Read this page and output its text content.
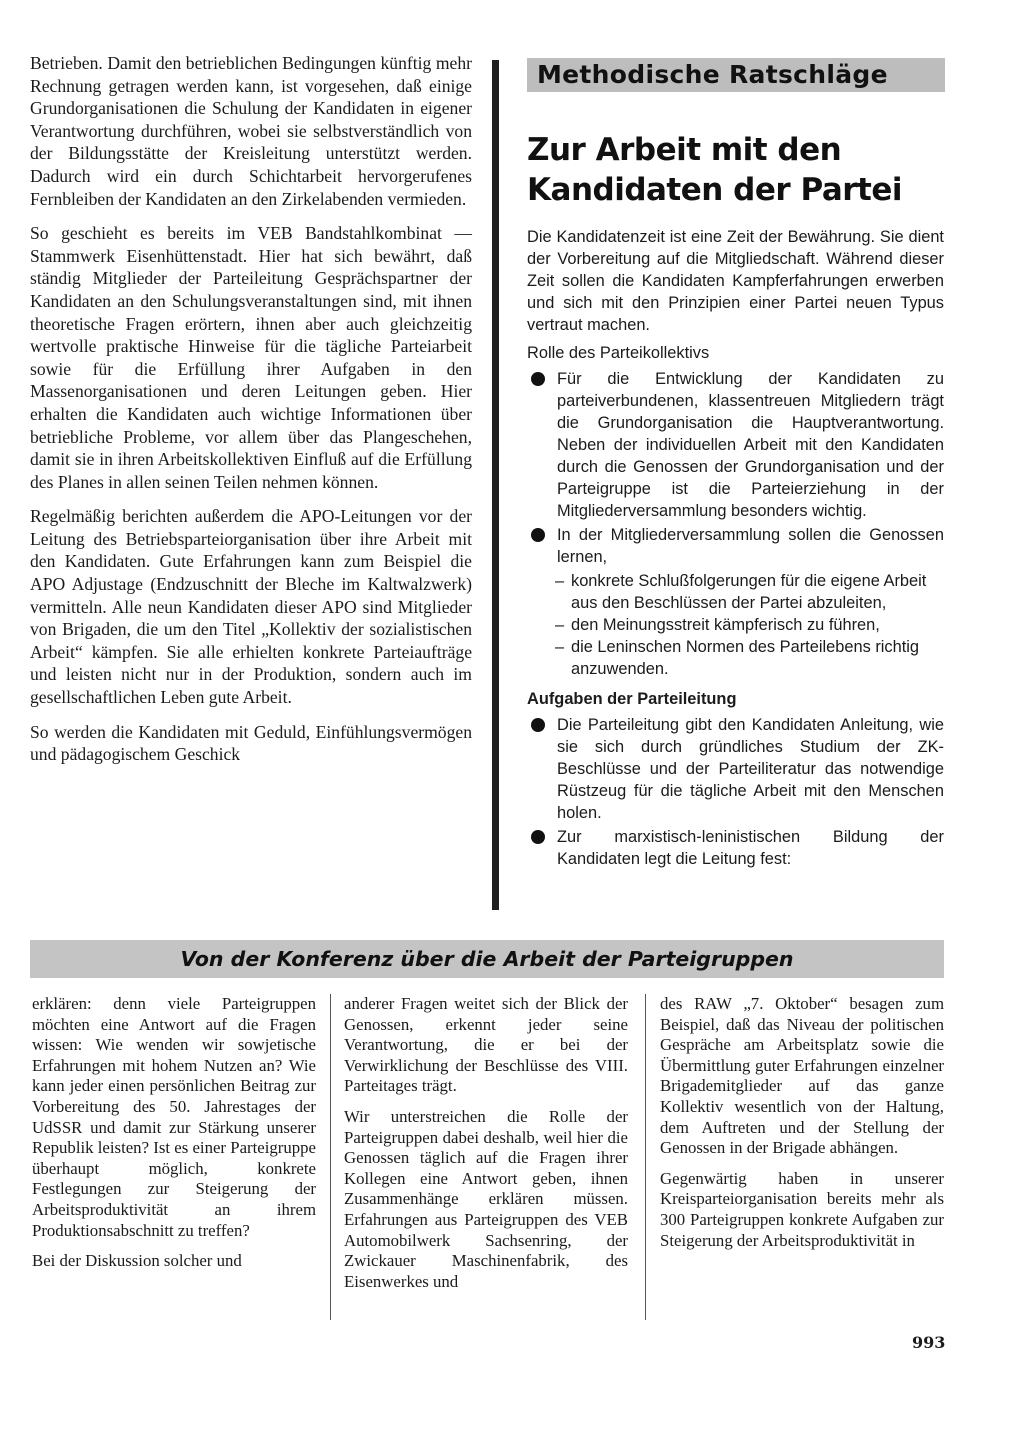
Betrieben. Damit den betrieblichen Bedingungen künftig mehr Rechnung getragen werden kann, ist vorgesehen, daß einige Grundorganisationen die Schulung der Kandidaten in eigener Verantwortung durchführen, wobei sie selbstverständlich von der Bildungsstätte der Kreisleitung unterstützt werden. Dadurch wird ein durch Schichtarbeit hervorgerufenes Fernbleiben der Kandidaten an den Zirkelabenden vermieden.

So geschieht es bereits im VEB Bandstahlkombinat — Stammwerk Eisenhüttenstadt. Hier hat sich bewährt, daß ständig Mitglieder der Parteileitung Gesprächspartner der Kandidaten an den Schulungsveranstaltungen sind, mit ihnen theoretische Fragen erörtern, ihnen aber auch gleichzeitig wertvolle praktische Hinweise für die tägliche Parteiarbeit sowie für die Erfüllung ihrer Aufgaben in den Massenorganisationen und deren Leitungen geben. Hier erhalten die Kandidaten auch wichtige Informationen über betriebliche Probleme, vor allem über das Plangeschehen, damit sie in ihren Arbeitskollektiven Einfluß auf die Erfüllung des Planes in allen seinen Teilen nehmen können.

Regelmäßig berichten außerdem die APO-Leitungen vor der Leitung des Betriebsparteiorganisation über ihre Arbeit mit den Kandidaten. Gute Erfahrungen kann zum Beispiel die APO Adjustage (Endzuschnitt der Bleche im Kaltwalzwerk) vermitteln. Alle neun Kandidaten dieser APO sind Mitglieder von Brigaden, die um den Titel „Kollektiv der sozialistischen Arbeit“ kämpfen. Sie alle erhielten konkrete Parteiaufträge und leisten nicht nur in der Produktion, sondern auch im gesellschaftlichen Leben gute Arbeit.

So werden die Kandidaten mit Geduld, Einfühlungsvermögen und pädagogischem Geschick

Methodische Ratschläge
Zur Arbeit mit den Kandidaten der Partei

Die Kandidatenzeit ist eine Zeit der Bewährung. Sie dient der Vorbereitung auf die Mitgliedschaft. Während dieser Zeit sollen die Kandidaten Kampferfahrungen erwerben und sich mit den Prinzipien einer Partei neuen Typus vertraut machen.

Rolle des Parteikollektivs
Für die Entwicklung der Kandidaten zu parteiverbundenen, klassentreuen Mitgliedern trägt die Grundorganisation die Hauptverantwortung. Neben der individuellen Arbeit mit den Kandidaten durch die Genossen der Grundorganisation und der Parteigruppe ist die Parteierziehung in der Mitgliederversammlung besonders wichtig.
In der Mitgliederversammlung sollen die Genossen lernen,
– konkrete Schlußfolgerungen für die eigene Arbeit aus den Beschlüssen der Partei abzuleiten,
– den Meinungsstreit kämpferisch zu führen,
– die Leninschen Normen des Parteilebens richtig anzuwenden.
Aufgaben der Parteileitung
Die Parteileitung gibt den Kandidaten Anleitung, wie sie sich durch gründliches Studium der ZK-Beschlüsse und der Parteiliteratur das notwendige Rüstzeug für die tägliche Arbeit mit den Menschen holen.
Zur marxistisch-leninistischen Bildung der Kandidaten legt die Leitung fest:
Von der Konferenz über die Arbeit der Parteigruppen

erklären: denn viele Parteigruppen möchten eine Antwort auf die Fragen wissen: Wie wenden wir sowjetische Erfahrungen mit hohem Nutzen an? Wie kann jeder einen persönlichen Beitrag zur Vorbereitung des 50. Jahrestages der UdSSR und damit zur Stärkung unserer Republik leisten? Ist es einer Parteigruppe überhaupt möglich, konkrete Festlegungen zur Steigerung der Arbeitsproduktivität an ihrem Produktionsabschnitt zu treffen?

Bei der Diskussion solcher und

anderer Fragen weitet sich der Blick der Genossen, erkennt jeder seine Verantwortung, die er bei der Verwirklichung der Beschlüsse des VIII. Parteitages trägt.

Wir unterstreichen die Rolle der Parteigruppen dabei deshalb, weil hier die Genossen täglich auf die Fragen ihrer Kollegen eine Antwort geben, ihnen Zusammenhänge erklären müssen. Erfahrungen aus Parteigruppen des VEB Automobilwerk Sachsenring, der Zwickauer Maschinenfabrik, des Eisenwerkes und

des RAW „7. Oktober“ besagen zum Beispiel, daß das Niveau der politischen Gespräche am Arbeitsplatz sowie die Übermittlung guter Erfahrungen einzelner Brigademitglieder auf das ganze Kollektiv wesentlich von der Haltung, dem Auftreten und der Stellung der Genossen in der Brigade abhängen.

Gegenwärtig haben in unserer Kreisparteiorganisation bereits mehr als 300 Parteigruppen konkrete Aufgaben zur Steigerung der Arbeitsproduktivität in

993
